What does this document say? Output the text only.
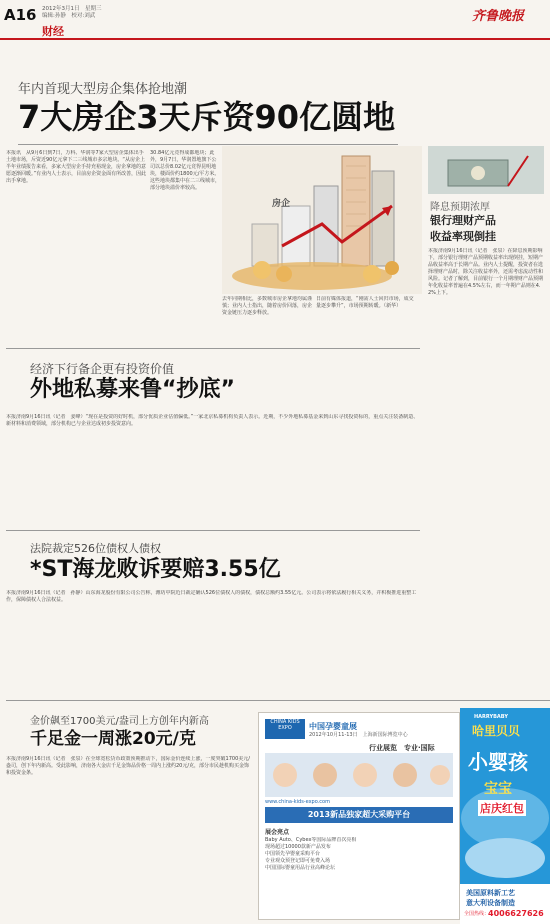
A16 2012年3月1日　星期三
编辑:孙静　校对:刘武
财经
齐鲁晚报
年内首现大型房企集体抢地潮
7大房企3天斥资90亿圆地
本报讯　从9月6日到7日，万科、华润等7家大型房企集体出手土地市场，斥资近90亿元拿下二三线城市多宗地块。“从房企上半年业绩报告来看，多家大型房企手持充裕现金，房企拿地的意愿逐渐回暖。”有业内人士表示，目前房企资金面有所改善，因此出手拿地。
30.84亿元竞得成都地块；此外，9月7日，华润置地旗下公司以总价8.02亿元竞得昆明地块，楼面价约1800元/平方米。这些地块都集中在二三线城市，部分地块溢价率较高。
房企
去年同期相比，多数城市房企拿地均属谨慎；业内人士指出，随着房价回落，房企资金链压力逐步释放。
日前有媒体报道，“刚需人士回归市场，成交量逐步攀升”，市场预期转暖。（新华）
降息预期浓厚
银行理财产品
收益率现倒挂
本报济南9月16日讯（记者　张泉）在降息预期影响下，部分银行理财产品预期收益率出现倒挂，短期产品收益率高于长期产品。业内人士提醒，投资者在选择理财产品时，除关注收益率外，还需考虑流动性和风险。记者了解到，目前银行一个月期理财产品预期年化收益率普遍在4.5%左右，而一年期产品则在4.2%上下。
经济下行备企更有投资价值
外地私募来鲁“抄底”
本报济南9月16日讯（记者　姜峰）“现在是投资的好时机，部分优质企业估值偏低。”一家北京私募机构负责人表示。近期，不少外地私募基金来到山东寻找投资标的，重点关注装备制造、新材料和消费领域，部分机构已与企业达成初步投资意向。
法院裁定526位债权人债权
*ST海龙败诉要赔3.55亿
本报济南9月16日讯（记者　孙静）山东海龙股份有限公司公告称，潍坊中院近日裁定确认526位债权人的债权，债权总额约3.55亿元。公司表示将依法履行相关义务，并积极推进重整工作，保障债权人合法权益。
金价飙至1700美元/盎司上方创年内新高
千足金一周涨20元/克
本报济南9月16日讯（记者　张泉）在全球宽松货币政策预期推动下，国际金价连续上涨，一度突破1700美元/盎司，创下年内新高。受此影响，济南各大金店千足金饰品价格一周内上涨约20元/克，部分市民趁机购买金饰和投资金条。
CHINA KIDS EXPO	中国孕婴童展
2012年10月11-13日　上海新国际博览中心
行业展览　专业·国际
www.china-kids-expo.com
2013新品独家超大采购平台
展会亮点
Baby Auto、Cybex等国际品牌首次亮相
现场超过10000款新产品发布
中国领先孕婴童采购平台
专业观众预登记即可免费入场
中国国际婴童用品行业高峰论坛
HARRYBABY
哈里贝贝
小婴孩
宝宝
店庆红包
美国原料新工艺
意大利设备制造
全国热线：
4006627626
